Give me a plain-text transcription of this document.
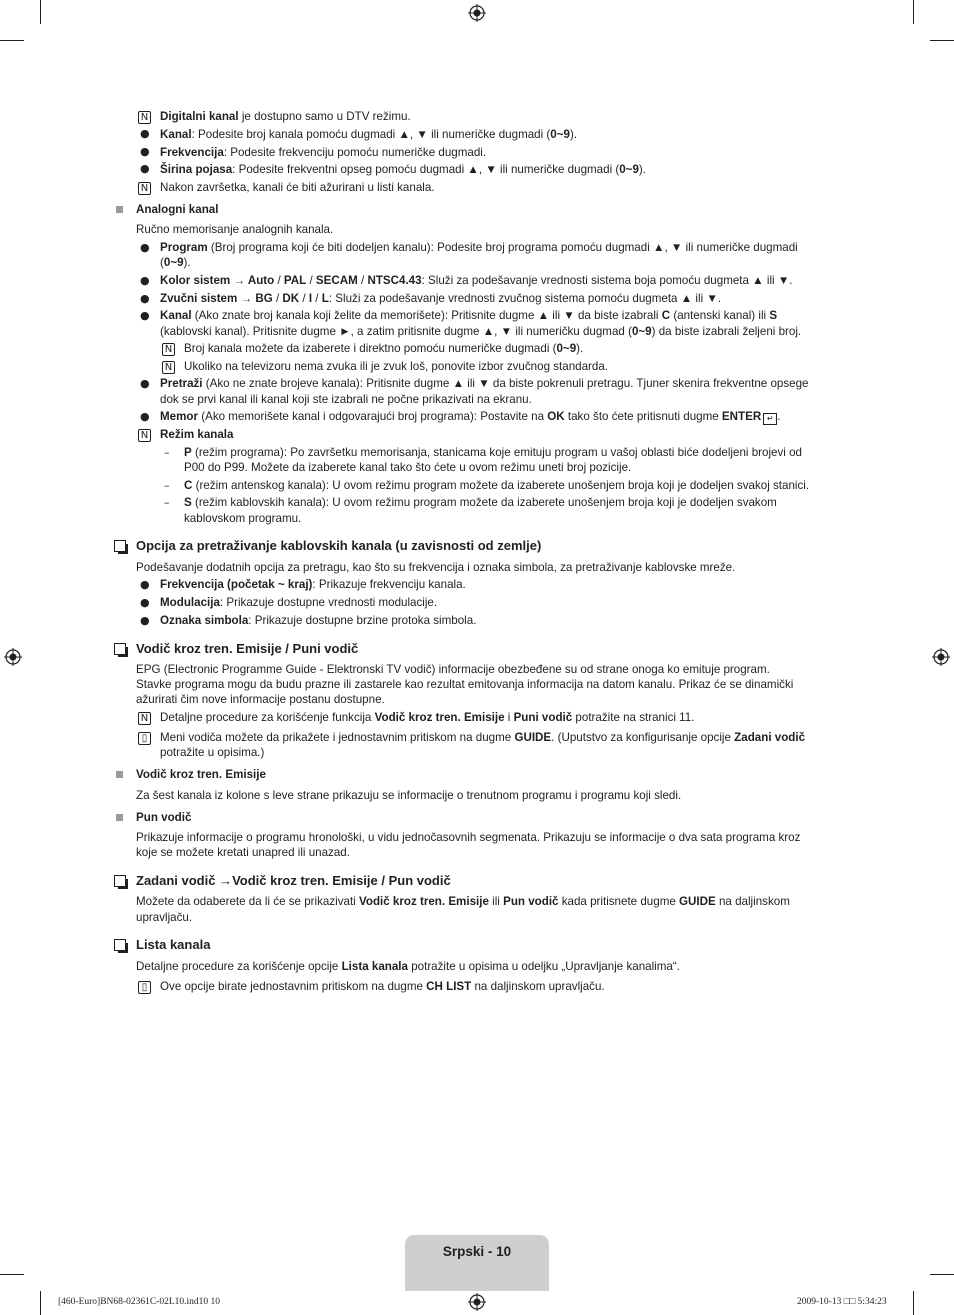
N Digitalni kanal je dostupno samo u DTV režimu.
● Kanal: Podesite broj kanala pomoću dugmadi ▲, ▼ ili numeričke dugmadi (0~9).
● Frekvencija: Podesite frekvenciju pomoću numeričke dugmadi.
● Širina pojasa: Podesite frekventni opseg pomoću dugmadi ▲, ▼ ili numeričke dugmadi (0~9).
N Nakon završetka, kanali će biti ažurirani u listi kanala.
Analogni kanal
Ručno memorisanje analognih kanala.
● Program (Broj programa koji će biti dodeljen kanalu): Podesite broj programa pomoću dugmadi ▲, ▼ ili numeričke dugmadi
(0~9).
● Kolor sistem → Auto / PAL / SECAM / NTSC4.43: Služi za podešavanje vrednosti sistema boja pomoću dugmeta ▲ ili ▼.
● Zvučni sistem → BG / DK / I / L: Služi za podešavanje vrednosti zvučnog sistema pomoću dugmeta ▲ ili ▼.
● Kanal (Ako znate broj kanala koji želite da memorišete): Pritisnite dugme ▲ ili ▼ da biste izabrali C (antenski kanal) ili S
(kablovski kanal). Pritisnite dugme ►, a zatim pritisnite dugme ▲, ▼ ili numeričku dugmad (0~9) da biste izabrali željeni broj.
N Broj kanala možete da izaberete i direktno pomoću numeričke dugmadi (0~9).
N Ukoliko na televizoru nema zvuka ili je zvuk loš, ponovite izbor zvučnog standarda.
● Pretraži (Ako ne znate brojeve kanala): Pritisnite dugme ▲ ili ▼ da biste pokrenuli pretragu. Tjuner skenira frekventne opsege
dok se prvi kanal ili kanal koji ste izabrali ne počne prikazivati na ekranu.
● Memor (Ako memorišete kanal i odgovarajući broj programa): Postavite na OK tako što ćete pritisnuti dugme ENTER ↵ .
N Režim kanala
– P (režim programa): Po završetku memorisanja, stanicama koje emituju program u vašoj oblasti biće dodeljeni brojevi od
P00 do P99. Možete da izaberete kanal tako što ćete u ovom režimu uneti broj pozicije.
– C (režim antenskog kanala): U ovom režimu program možete da izaberete unošenjem broja koji je dodeljen svakoj stanici.
– S (režim kablovskih kanala): U ovom režimu program možete da izaberete unošenjem broja koji je dodeljen svakom
kablovskom programu.
Opcija za pretraživanje kablovskih kanala (u zavisnosti od zemlje)
Podešavanje dodatnih opcija za pretragu, kao što su frekvencija i oznaka simbola, za pretraživanje kablovske mreže.
● Frekvencija (početak ~ kraj): Prikazuje frekvenciju kanala.
● Modulacija: Prikazuje dostupne vrednosti modulacije.
● Oznaka simbola: Prikazuje dostupne brzine protoka simbola.
Vodič kroz tren. Emisije / Puni vodič
EPG (Electronic Programme Guide - Elektronski TV vodič) informacije obezbeđene su od strane onoga ko emituje program.
Stavke programa mogu da budu prazne ili zastarele kao rezultat emitovanja informacija na datom kanalu. Prikaz će se dinamički
ažurirati čim nove informacije postanu dostupne.
N Detaljne procedure za korišćenje funkcija Vodič kroz tren. Emisije i Puni vodič potražite na stranici 11.
▯	Meni vodiča možete da prikažete i jednostavnim pritiskom na dugme GUIDE. (Uputstvo za konfigurisanje opcije Zadani vodič
potražite u opisima.)
Vodič kroz tren. Emisije
Za šest kanala iz kolone s leve strane prikazuju se informacije o trenutnom programu i programu koji sledi.
Pun vodič
Prikazuje informacije o programu hronološki, u vidu jednočasovnih segmenata. Prikazuju se informacije o dva sata programa kroz
koje se možete kretati unapred ili unazad.
Zadani vodič →Vodič kroz tren. Emisije / Pun vodič
Možete da odaberete da li će se prikazivati Vodič kroz tren. Emisije ili Pun vodič kada pritisnete dugme GUIDE na daljinskom
upravljaču.
Lista kanala
Detaljne procedure za korišćenje opcije Lista kanala potražite u opisima u odeljku „Upravljanje kanalima“.
▯	Ove opcije birate jednostavnim pritiskom na dugme CH LIST na daljinskom upravljaču.
Srpski - 10
[460-Euro]BN68-02361C-02L10.ind10 10	2009-10-13 □□ 5:34:23
